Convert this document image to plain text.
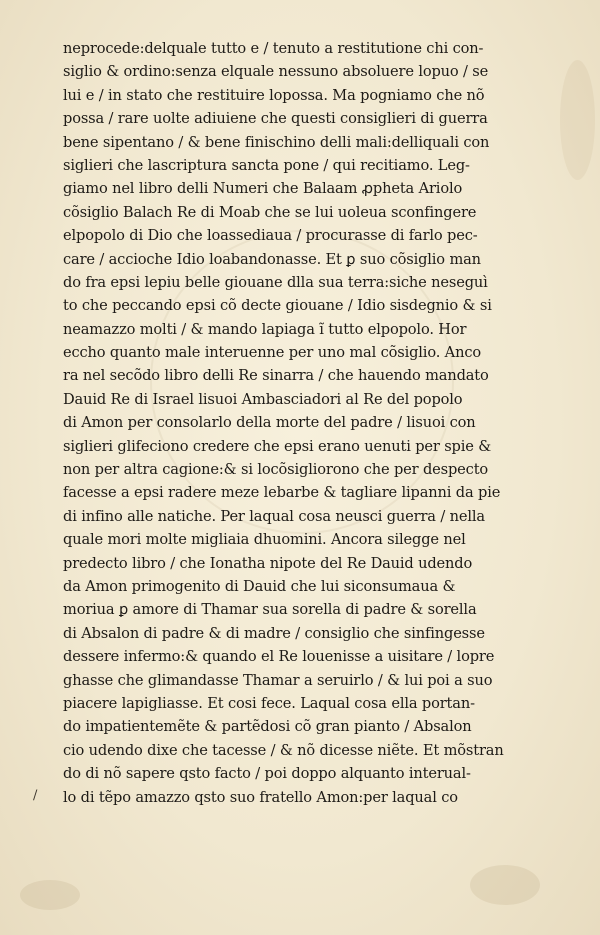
neprocede:delquale tutto e / tenuto a restitutione chi con-
siglio & ordino:senza elquale nessuno absoluere lopuo / se
lui e / in stato che restituire lopossa. Ma pogniamo che nõ
possa / rare uolte adiuiene che questi consiglieri di guerra
bene sipentano / & bene finischino delli mali:delliquali con
siglieri che lascriptura sancta pone / qui recitiamo. Leg-
giamo nel libro delli Numeri che Balaam ꝓpheta Ariolo
cõsiglio Balach Re di Moab che se lui uoleua sconfingere
elpopolo di Dio che loassediaua / procurasse di farlo pec-
care / acciochе Idio loabandonasse. Et ꝑ suo cõsiglio man
do fra epsi lepiu belle giouane dlla sua terra:siche neseguì
to che peccando epsi cõ decte giouane / Idio sisdegnio & si
neamazzo molti / & mando lapiaga ĩ tutto elpopolo. Hor
eccho quanto male interuenne per uno mal cõsiglio. Anco
ra nel secõdo libro delli Re sinarra / che hauendo mandato
Dauid Re di Israel lisuoi Ambasciadori al Re del popolo
di Amon per consolarlo della morte del padre / lisuoi con
siglieri glifeciono credere che epsi erano uenuti per spie &
non per altra cagione:& si locõsigliorono che per despecto
facesse a epsi radere meze lebarbe & tagliare lipanni da pie
di infino alle natiche. Per laqual cosa neusci guerra / nella
quale mori molte migliaia dhuomini. Ancora silegge nel
predecto libro / che Ionatha nipote del Re Dauid udendo
da Amon primogenito di Dauid che lui siconsumaua &
moriua ꝑ amore di Thamar sua sorella di padre & sorella
di Absalon di padre & di madre / consiglio che sinfingesse
dessere infermo:& quando el Re louenisse a uisitare / lopre
ghasse che glimandasse Thamar a seruirlo / & lui poi a suo
piacere lapigliasse. Et cosi fece. Laqual cosa ella portan-
do impatientemẽte & partẽdosi cõ gran pianto / Absalon
cio udendo dixe che tacesse / & nõ dicesse niẽte. Et mõstran
do di nõ sapere qsto facto / poi doppo alquanto interual-
lo di tẽpo amazzo qsto suo fratello Amon:per laqual co
/
